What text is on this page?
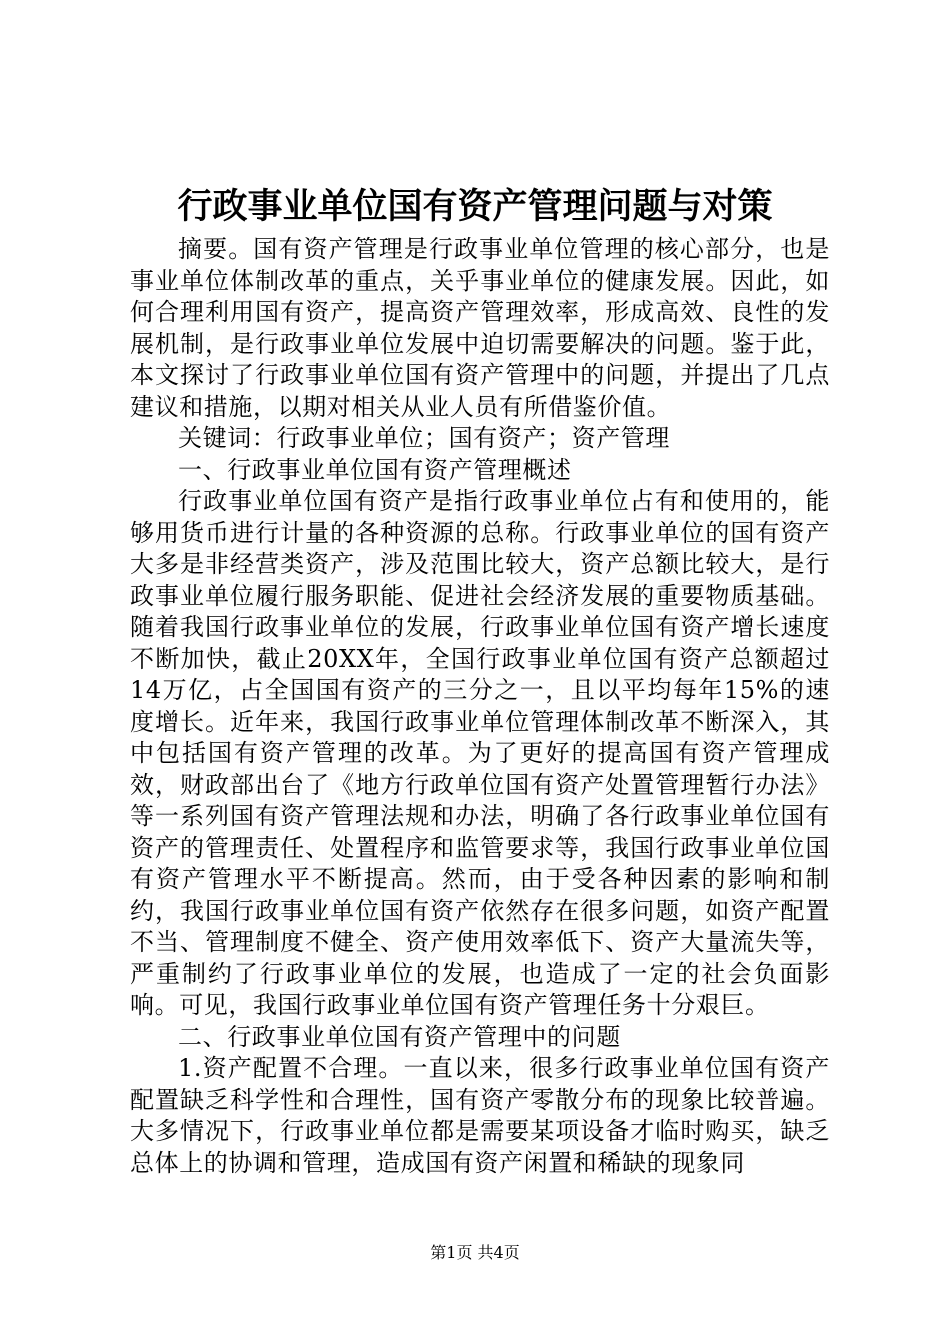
行政事业单位国有资产管理问题与对策

摘要。国有资产管理是行政事业单位管理的核心部分，也是事业单位体制改革的重点，关乎事业单位的健康发展。因此，如何合理利用国有资产，提高资产管理效率，形成高效、良性的发展机制，是行政事业单位发展中迫切需要解决的问题。鉴于此，本文探讨了行政事业单位国有资产管理中的问题，并提出了几点建议和措施，以期对相关从业人员有所借鉴价值。

关键词：行政事业单位；国有资产；资产管理

一、行政事业单位国有资产管理概述

行政事业单位国有资产是指行政事业单位占有和使用的，能够用货币进行计量的各种资源的总称。行政事业单位的国有资产大多是非经营类资产，涉及范围比较大，资产总额比较大，是行政事业单位履行服务职能、促进社会经济发展的重要物质基础。随着我国行政事业单位的发展，行政事业单位国有资产增长速度不断加快，截止20XX年，全国行政事业单位国有资产总额超过14万亿，占全国国有资产的三分之一，且以平均每年15%的速度增长。近年来，我国行政事业单位管理体制改革不断深入，其中包括国有资产管理的改革。为了更好的提高国有资产管理成效，财政部出台了《地方行政单位国有资产处置管理暂行办法》等一系列国有资产管理法规和办法，明确了各行政事业单位国有资产的管理责任、处置程序和监管要求等，我国行政事业单位国有资产管理水平不断提高。然而，由于受各种因素的影响和制约，我国行政事业单位国有资产依然存在很多问题，如资产配置不当、管理制度不健全、资产使用效率低下、资产大量流失等，严重制约了行政事业单位的发展，也造成了一定的社会负面影响。可见，我国行政事业单位国有资产管理任务十分艰巨。

二、行政事业单位国有资产管理中的问题

1.资产配置不合理。一直以来，很多行政事业单位国有资产配置缺乏科学性和合理性，国有资产零散分布的现象比较普遍。大多情况下，行政事业单位都是需要某项设备才临时购买，缺乏总体上的协调和管理，造成国有资产闲置和稀缺的现象同

第1页 共4页
